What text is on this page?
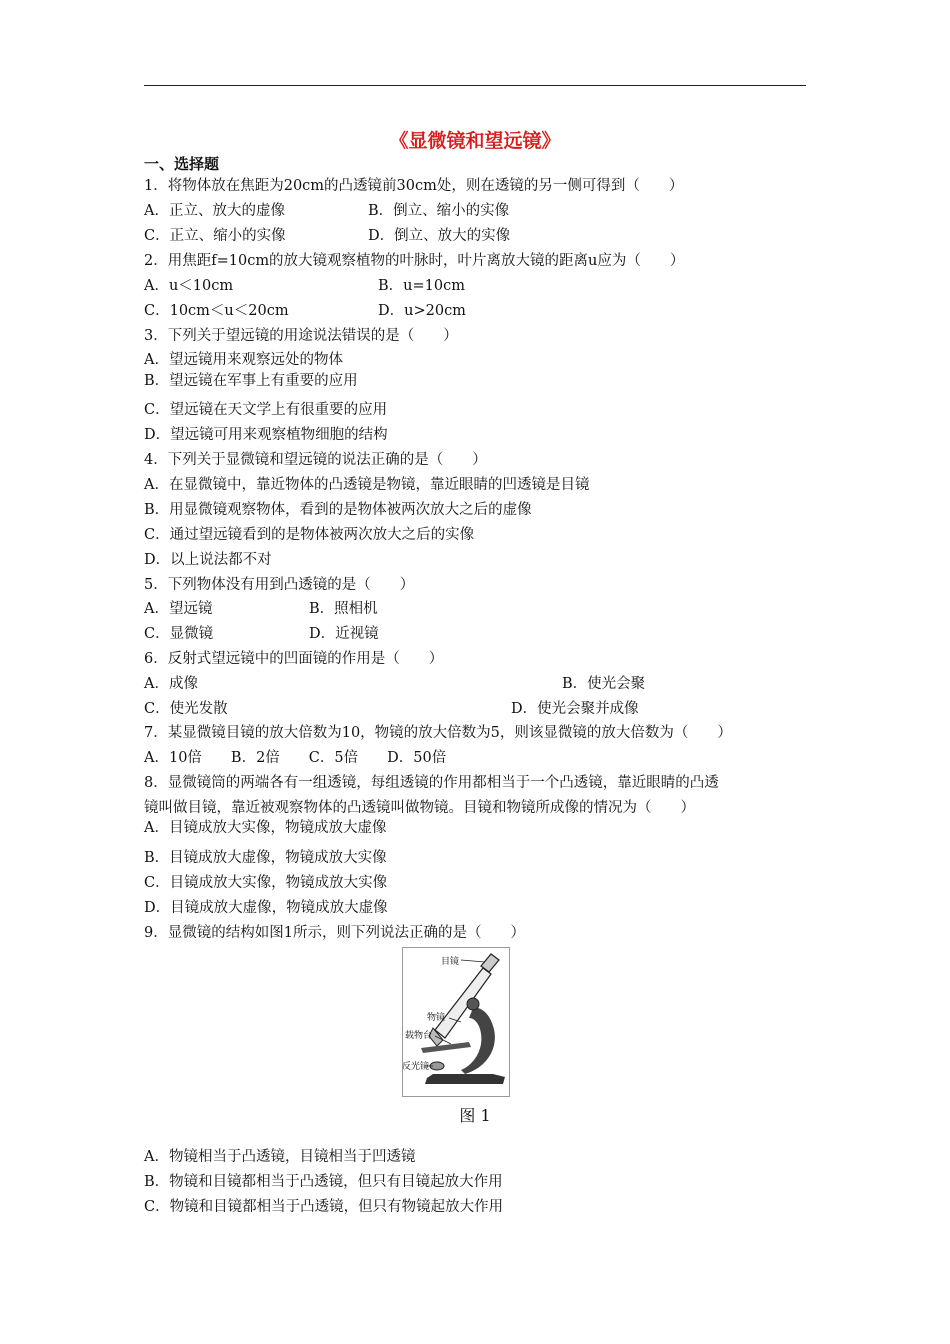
《显微镜和望远镜》
一、选择题
1．将物体放在焦距为20cm的凸透镜前30cm处，则在透镜的另一侧可得到（　　）
A．正立、放大的虚像	B．倒立、缩小的实像
C．正立、缩小的实像	D．倒立、放大的实像
2．用焦距f=10cm的放大镜观察植物的叶脉时，叶片离放大镜的距离u应为（　　）
A．u＜10cm	B．u=10cm
C．10cm＜u＜20cm	D．u>20cm
3．下列关于望远镜的用途说法错误的是（　　）
A．望远镜用来观察远处的物体
B．望远镜在军事上有重要的应用
C．望远镜在天文学上有很重要的应用
D．望远镜可用来观察植物细胞的结构
4．下列关于显微镜和望远镜的说法正确的是（　　）
A．在显微镜中，靠近物体的凸透镜是物镜，靠近眼睛的凹透镜是目镜
B．用显微镜观察物体，看到的是物体被两次放大之后的虚像
C．通过望远镜看到的是物体被两次放大之后的实像
D．以上说法都不对
5．下列物体没有用到凸透镜的是（　　）
A．望远镜	B．照相机
C．显微镜	D．近视镜
6．反射式望远镜中的凹面镜的作用是（　　）
A．成像	B．使光会聚
C．使光发散	D．使光会聚并成像
7．某显微镜目镜的放大倍数为10，物镜的放大倍数为5，则该显微镜的放大倍数为（　　）
A．10倍　　B．2倍　　C．5倍　　D．50倍
8．显微镜筒的两端各有一组透镜，每组透镜的作用都相当于一个凸透镜，靠近眼睛的凸透
镜叫做目镜，靠近被观察物体的凸透镜叫做物镜。目镜和物镜所成像的情况为（　　）
A．目镜成放大实像，物镜成放大虚像
B．目镜成放大虚像，物镜成放大实像
C．目镜成放大实像，物镜成放大实像
D．目镜成放大虚像，物镜成放大虚像
9．显微镜的结构如图1所示，则下列说法正确的是（　　）
目镜
物镜
载物台
反光镜
图 1
A．物镜相当于凸透镜，目镜相当于凹透镜
B．物镜和目镜都相当于凸透镜，但只有目镜起放大作用
C．物镜和目镜都相当于凸透镜，但只有物镜起放大作用
